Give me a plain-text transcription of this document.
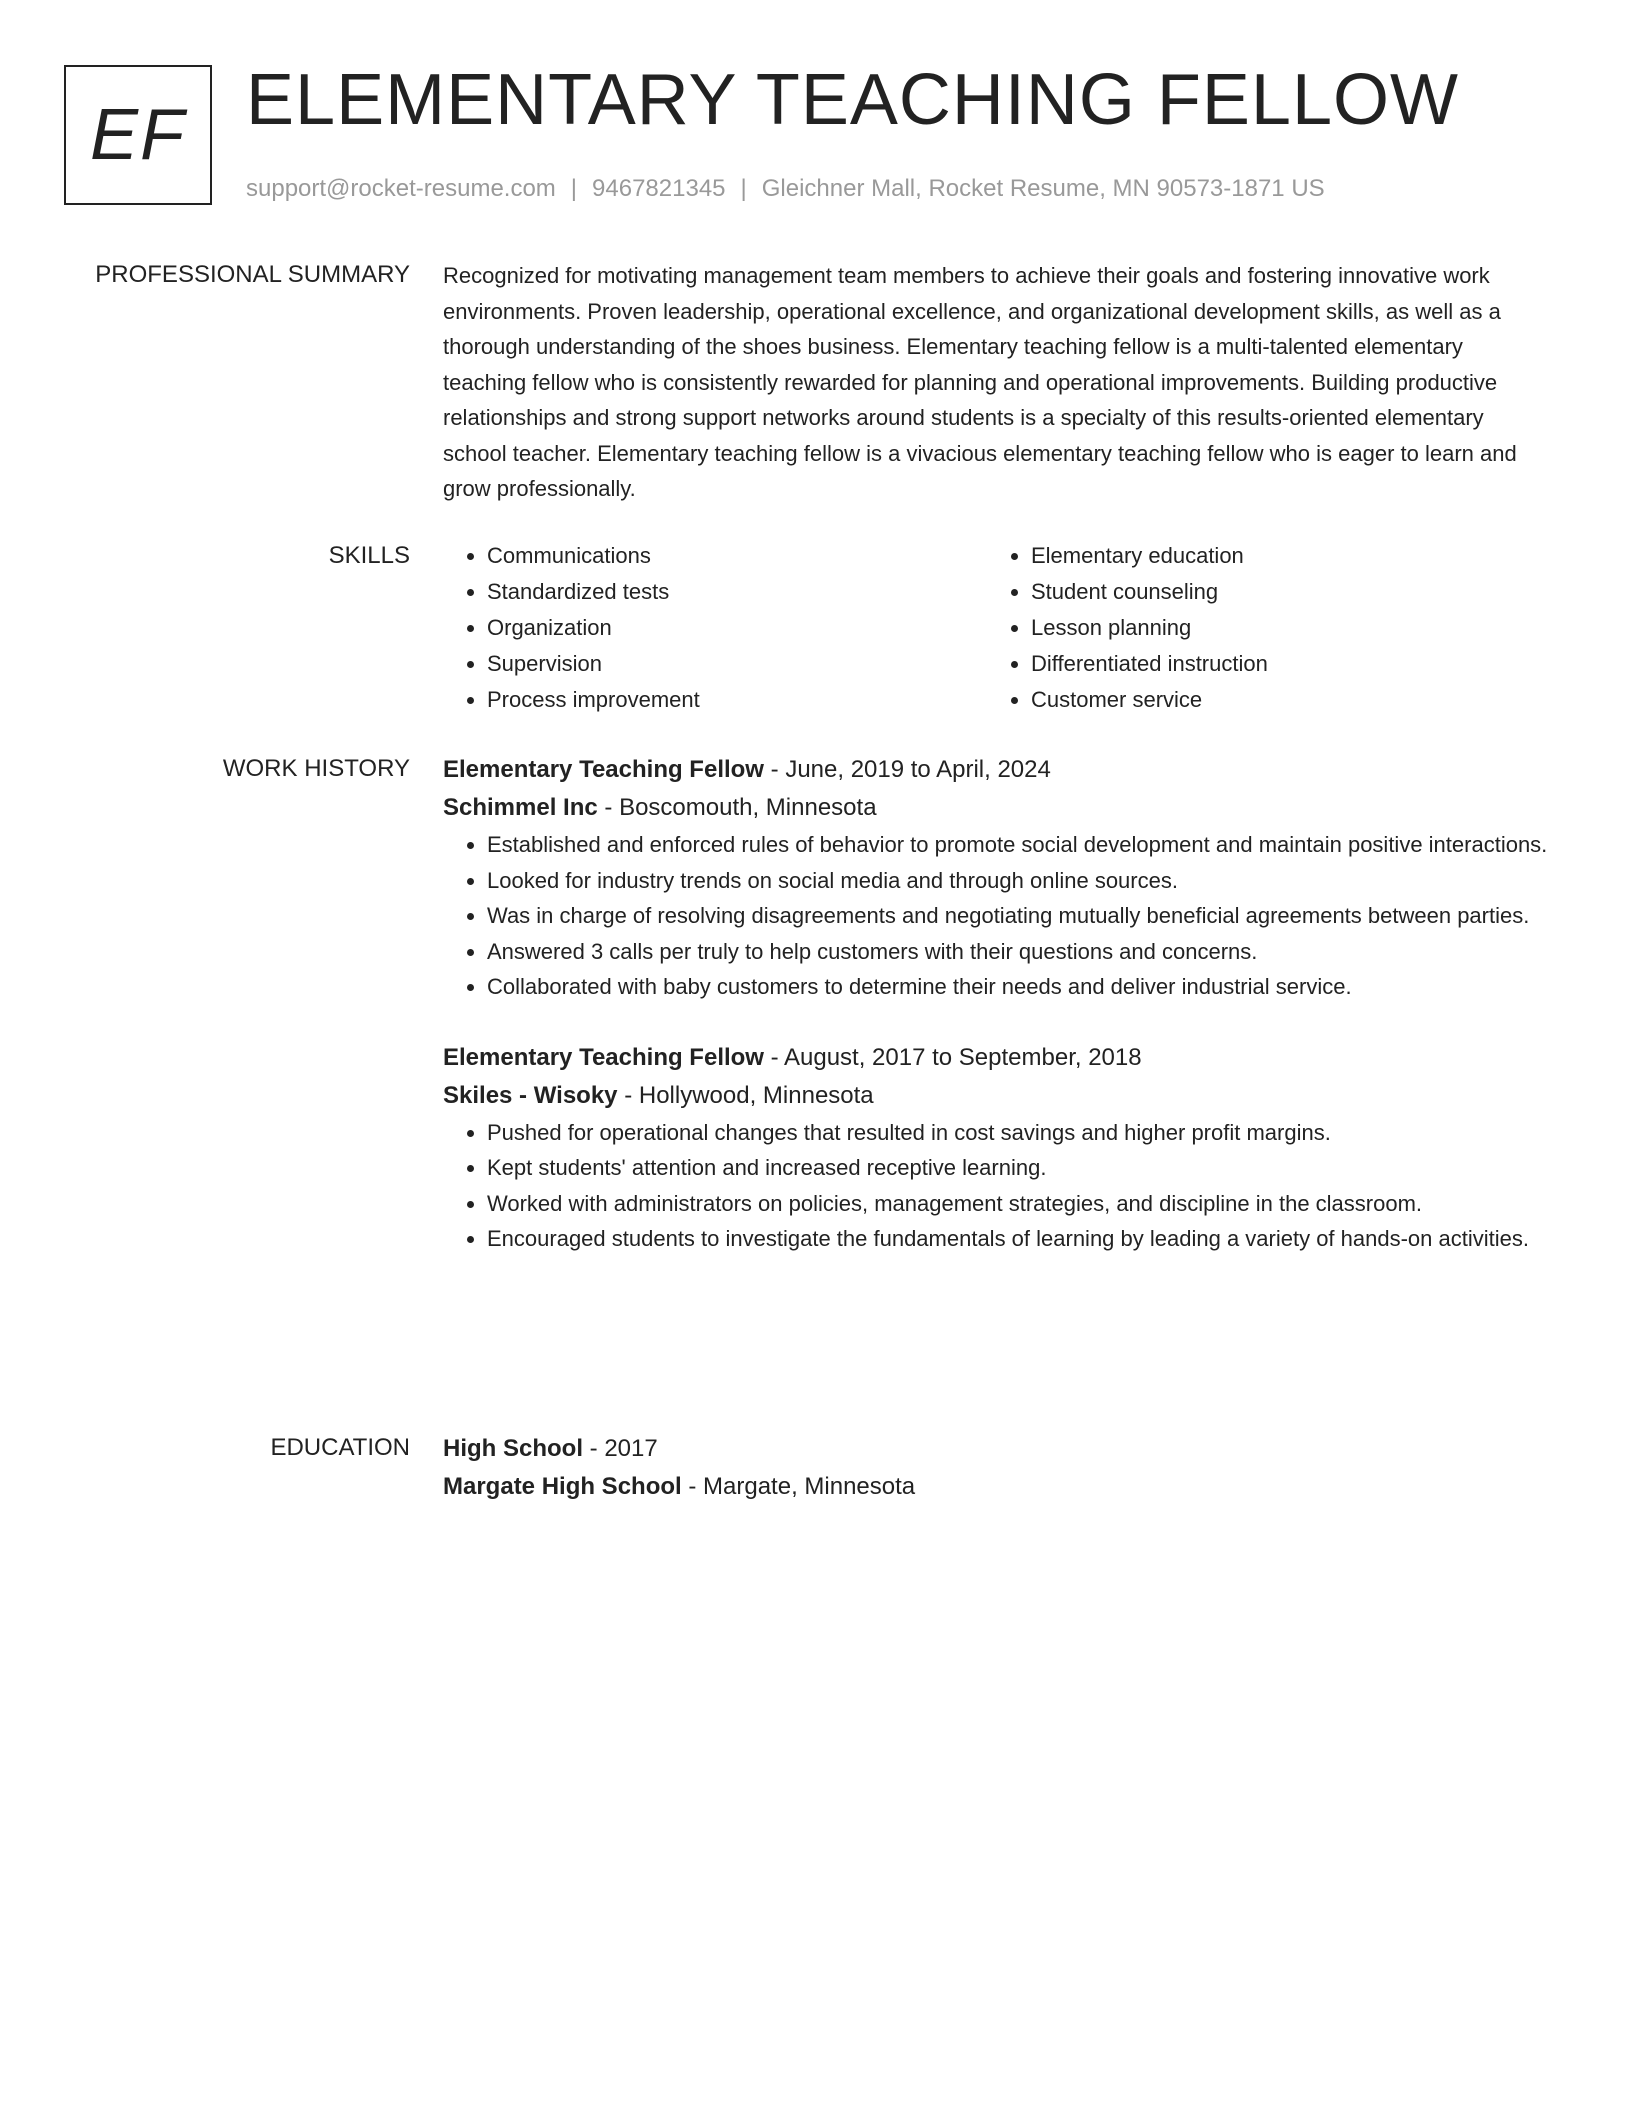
EF ELEMENTARY TEACHING FELLOW
support@rocket-resume.com | 9467821345 | Gleichner Mall, Rocket Resume, MN 90573-1871 US
PROFESSIONAL SUMMARY Recognized for motivating management team members to achieve their goals and fostering innovative work environments. Proven leadership, operational excellence, and organizational development skills, as well as a thorough understanding of the shoes business. Elementary teaching fellow is a multi-talented elementary teaching fellow who is consistently rewarded for planning and operational improvements. Building productive relationships and strong support networks around students is a specialty of this results-oriented elementary school teacher. Elementary teaching fellow is a vivacious elementary teaching fellow who is eager to learn and grow professionally.

SKILLS
•	Communications
• Standardized tests
• Organization
• Supervision
• Process improvement
• Elementary education
• Student counseling
• Lesson planning
• Differentiated instruction
• Customer service
WORK HISTORY Elementary Teaching Fellow - June, 2019 to April, 2024
Schimmel Inc - Boscomouth, Minnesota
• Established and enforced rules of behavior to promote social development and maintain positive interactions.
• Looked for industry trends on social media and through online sources.
• Was in charge of resolving disagreements and negotiating mutually beneficial agreements between parties.
• Answered 3 calls per truly to help customers with their questions and concerns.
• Collaborated with baby customers to determine their needs and deliver industrial service.
Elementary Teaching Fellow - August, 2017 to September, 2018
Skiles - Wisoky - Hollywood, Minnesota
• Pushed for operational changes that resulted in cost savings and higher profit margins.
• Kept students' attention and increased receptive learning.
• Worked with administrators on policies, management strategies, and discipline in the classroom.
• Encouraged students to investigate the fundamentals of learning by leading a variety of hands-on activities.
EDUCATION High School - 2017
Margate High School - Margate, Minnesota
